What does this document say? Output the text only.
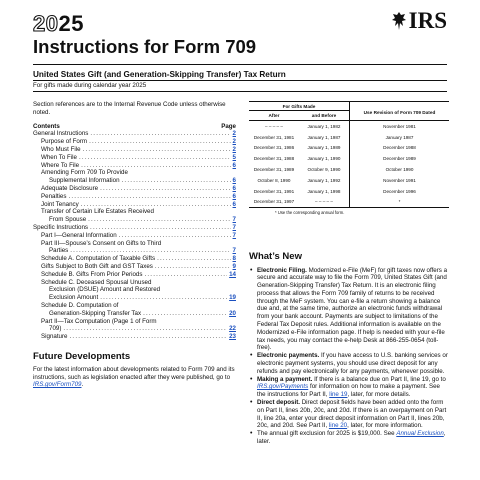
2025	IRS
Instructions for Form 709
United States Gift (and Generation-Skipping Transfer) Tax Return
For gifts made during calendar year 2025

Section references are to the Internal Revenue Code unless otherwise noted.

Contents	Page
General Instructions .....	2
Purpose of Form .....	2
Who Must File .....	2
When To File .....	5
Where To File .....	6
Amending Form 709 To Provide
Supplemental Information .....	6
Adequate Disclosure .....	6
Penalties .....	6
Joint Tenancy .....	6
Transfer of Certain Life Estates Received
From Spouse .....	7
Specific Instructions .....	7
Part I—General Information .....	7
Part III—Spouse’s Consent on Gifts to Third
Parties .....	7
Schedule A. Computation of Taxable Gifts .....	8
Gifts Subject to Both Gift and GST Taxes .....	9
Schedule B. Gifts From Prior Periods .....	14
Schedule C. Deceased Spousal Unused
Exclusion (DSUE) Amount and Restored
Exclusion Amount .....	19
Schedule D. Computation of
Generation-Skipping Transfer Tax .....	20
Part II—Tax Computation (Page 1 of Form
709) .....	22
Signature .....	23
Future Developments

For the latest information about developments related to Form 709 and its instructions, such as legislation enacted after they were published, go to IRS.gov/Form709.

For Gifts Made
After	and Before
Use Revision of Form 709 Dated
– – – – –	January 1, 1982	November 1981
December 31, 1981	January 1, 1987	January 1987
December 31, 1986	January 1, 1989	December 1988
December 31, 1988	January 1, 1990	December 1989
December 31, 1989	October 9, 1990	October 1990
October 8, 1990	January 1, 1992	November 1991
December 31, 1991	January 1, 1998	December 1996
December 31, 1997	– – – – –	*
* Use the corresponding annual form.
What’s New
• Electronic Filing. Modernized e-File (MeF) for gift taxes now offers a secure and accurate way to file the Form 709, United States Gift (and Generation-Skipping Transfer) Tax Return. It is an electronic filing process that allows the Form 709 family of returns to be received through the MeF system. You can e-file a return showing a balance due and, at the same time, authorize an electronic funds withdrawal from your bank account. Payments are subject to limitations of the Federal Tax Deposit rules. Additional information is available on the Modernized e-File information page. If help is needed with your e-file tax needs, you may contact the e-help Desk at 866-255-0654 (toll-free).
• Electronic payments. If you have access to U.S. banking services or electronic payment systems, you should use direct deposit for any refunds and pay electronically for any payments, whenever possible.
• Making a payment. If there is a balance due on Part II, line 19, go to IRS.gov/Payments for information on how to make a payment. See the instructions for Part II, line 19, later, for more details.
• Direct deposit. Direct deposit fields have been added onto the form on Part II, lines 20b, 20c, and 20d. If there is an overpayment on Part II, line 20a, enter your direct deposit information on Part II, lines 20b, 20c, and 20d. See Part II, line 20, later, for more information.
• The annual gift exclusion for 2025 is $19,000. See Annual Exclusion, later.
